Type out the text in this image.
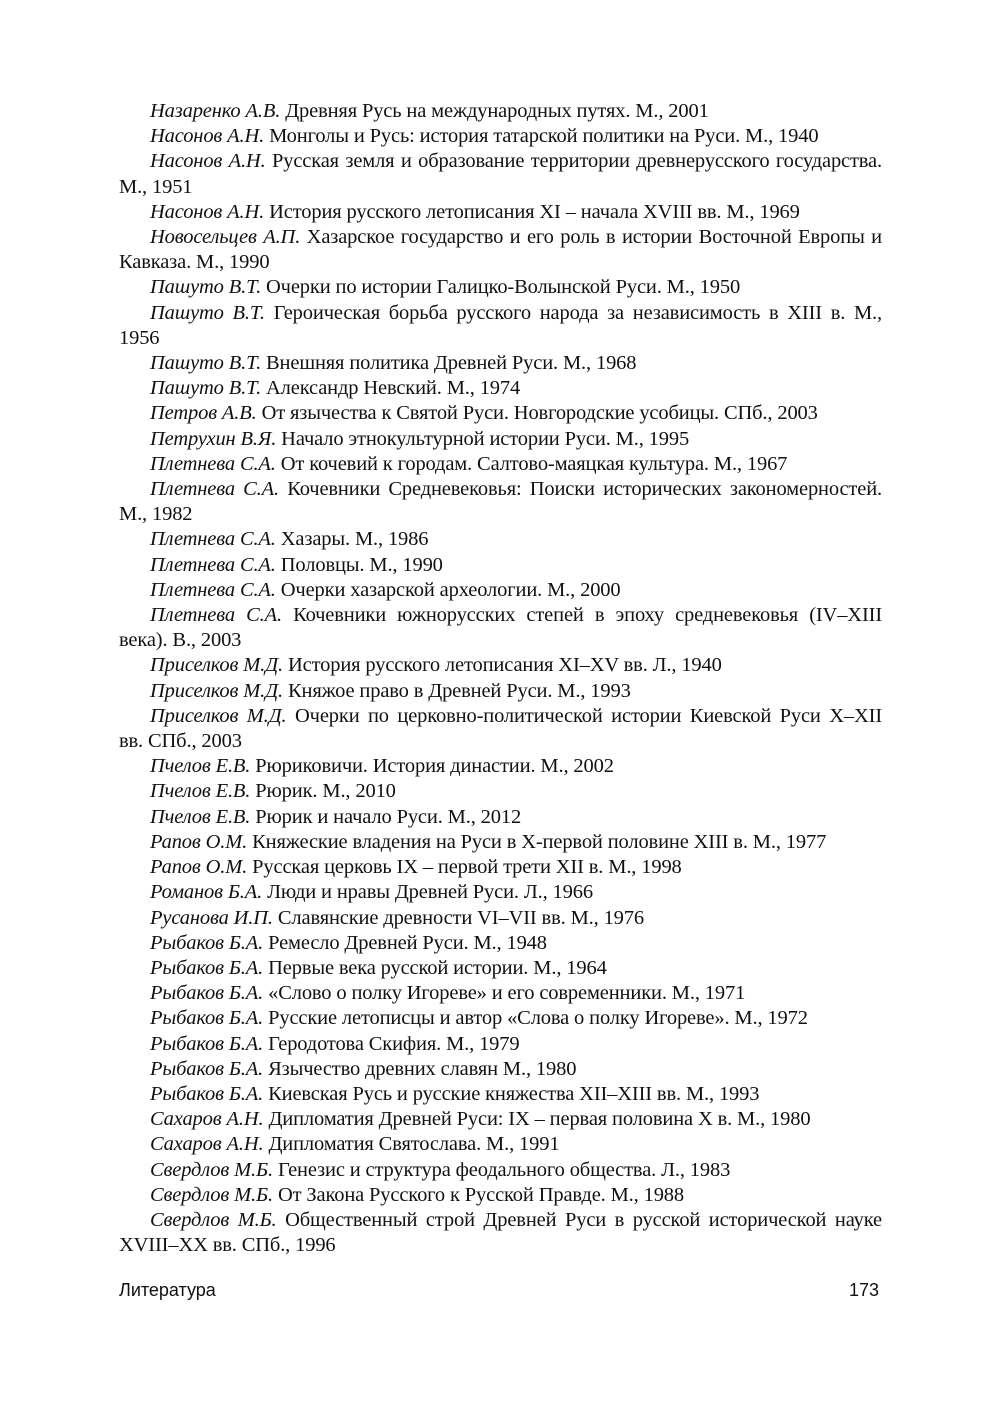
Назаренко А.В. Древняя Русь на международных путях. М., 2001

Насонов А.Н. Монголы и Русь: история татарской политики на Руси. М., 1940

Насонов А.Н. Русская земля и образование территории древнерусского государства. М., 1951

Насонов А.Н. История русского летописания XI – начала XVIII вв. М., 1969

Новосельцев А.П. Хазарское государство и его роль в истории Восточной Европы и Кавказа. М., 1990

Пашуто В.Т. Очерки по истории Галицко-Волынской Руси. М., 1950

Пашуто В.Т. Героическая борьба русского народа за независимость в XIII в. М., 1956

Пашуто В.Т. Внешняя политика Древней Руси. М., 1968

Пашуто В.Т. Александр Невский. М., 1974

Петров А.В. От язычества к Святой Руси. Новгородские усобицы. СПб., 2003

Петрухин В.Я. Начало этнокультурной истории Руси. М., 1995

Плетнева С.А. От кочевий к городам. Салтово-маяцкая культура. М., 1967

Плетнева С.А. Кочевники Средневековья: Поиски исторических закономерностей. М., 1982

Плетнева С.А. Хазары. М., 1986

Плетнева С.А. Половцы. М., 1990

Плетнева С.А. Очерки хазарской археологии. М., 2000

Плетнева С.А. Кочевники южнорусских степей в эпоху средневековья (IV–XIII века). В., 2003

Приселков М.Д. История русского летописания XI–XV вв. Л., 1940

Приселков М.Д. Княжое право в Древней Руси. М., 1993

Приселков М.Д. Очерки по церковно-политической истории Киевской Руси X–XII вв. СПб., 2003

Пчелов Е.В. Рюриковичи. История династии. М., 2002

Пчелов Е.В. Рюрик. М., 2010

Пчелов Е.В. Рюрик и начало Руси. М., 2012

Рапов О.М. Княжеские владения на Руси в X-первой половине XIII в. М., 1977

Рапов О.М. Русская церковь IX – первой трети XII в. М., 1998

Романов Б.А. Люди и нравы Древней Руси. Л., 1966

Русанова И.П. Славянские древности VI–VII вв. М., 1976

Рыбаков Б.А. Ремесло Древней Руси. М., 1948

Рыбаков Б.А. Первые века русской истории. М., 1964

Рыбаков Б.А. «Слово о полку Игореве» и его современники. М., 1971

Рыбаков Б.А. Русские летописцы и автор «Слова о полку Игореве». М., 1972

Рыбаков Б.А. Геродотова Скифия. М., 1979

Рыбаков Б.А. Язычество древних славян М., 1980

Рыбаков Б.А. Киевская Русь и русские княжества XII–XIII вв. М., 1993

Сахаров А.Н. Дипломатия Древней Руси: IX – первая половина X в. М., 1980

Сахаров А.Н. Дипломатия Святослава. М., 1991

Свердлов М.Б. Генезис и структура феодального общества. Л., 1983

Свердлов М.Б. От Закона Русского к Русской Правде. М., 1988

Свердлов М.Б. Общественный строй Древней Руси в русской исторической науке XVIII–XX вв. СПб., 1996

Литература	173
